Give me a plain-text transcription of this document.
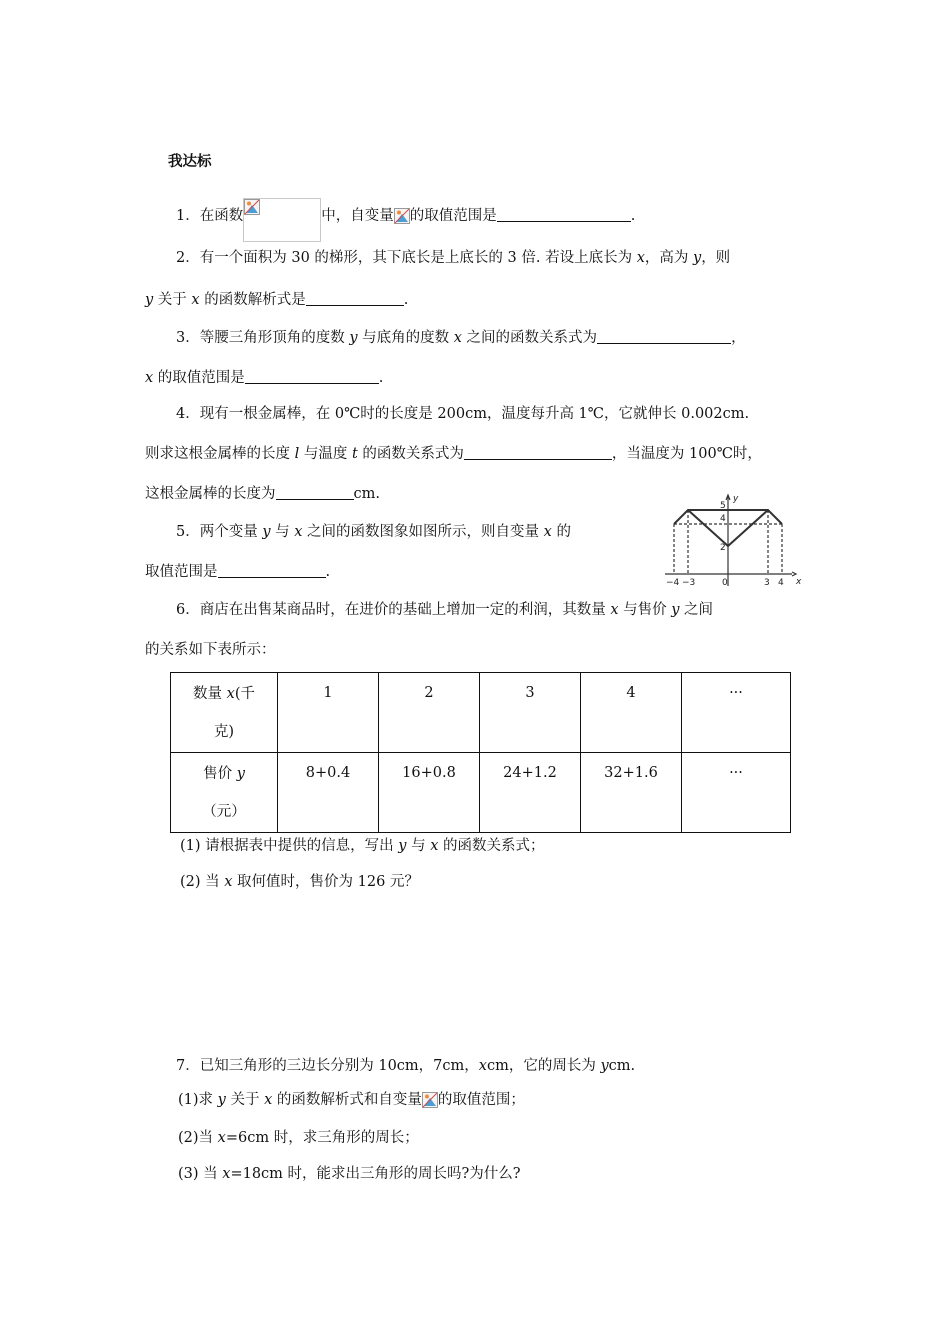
我达标
1．在函数	中，自变量 的取值范围是	.
2．有一个面积为 30 的梯形，其下底长是上底长的 3 倍. 若设上底长为 x，高为 y，则
y 关于 x 的函数解析式是	.
3．等腰三角形顶角的度数 y 与底角的度数 x 之间的函数关系式为	，
x 的取值范围是	.
4．现有一根金属棒，在 0℃时的长度是 200cm，温度每升高 1℃，它就伸长 0.002cm.
则求这根金属棒的长度 l 与温度 t 的函数关系式为	，当温度为 100℃时，
这根金属棒的长度为	cm.
5．两个变量 y 与 x 之间的函数图象如图所示，则自变量 x 的
取值范围是	.
−4 −3	0	3 4 x
y
5
4
2
6．商店在出售某商品时，在进价的基础上增加一定的利润，其数量 x 与售价 y 之间
的关系如下表所示：
数量 x(千
克)	1	2	3	4	···

售价 y
（元）	8+0.4	16+0.8	24+1.2	32+1.6	···
(1) 请根据表中提供的信息，写出 y 与 x 的函数关系式；
(2) 当 x 取何值时，售价为 126 元？
7．已知三角形的三边长分别为 10cm，7cm，xcm，它的周长为 ycm.
(1)求 y 关于 x 的函数解析式和自变量 的取值范围；
(2)当 x=6cm 时，求三角形的周长；
(3) 当 x=18cm 时，能求出三角形的周长吗?为什么?
